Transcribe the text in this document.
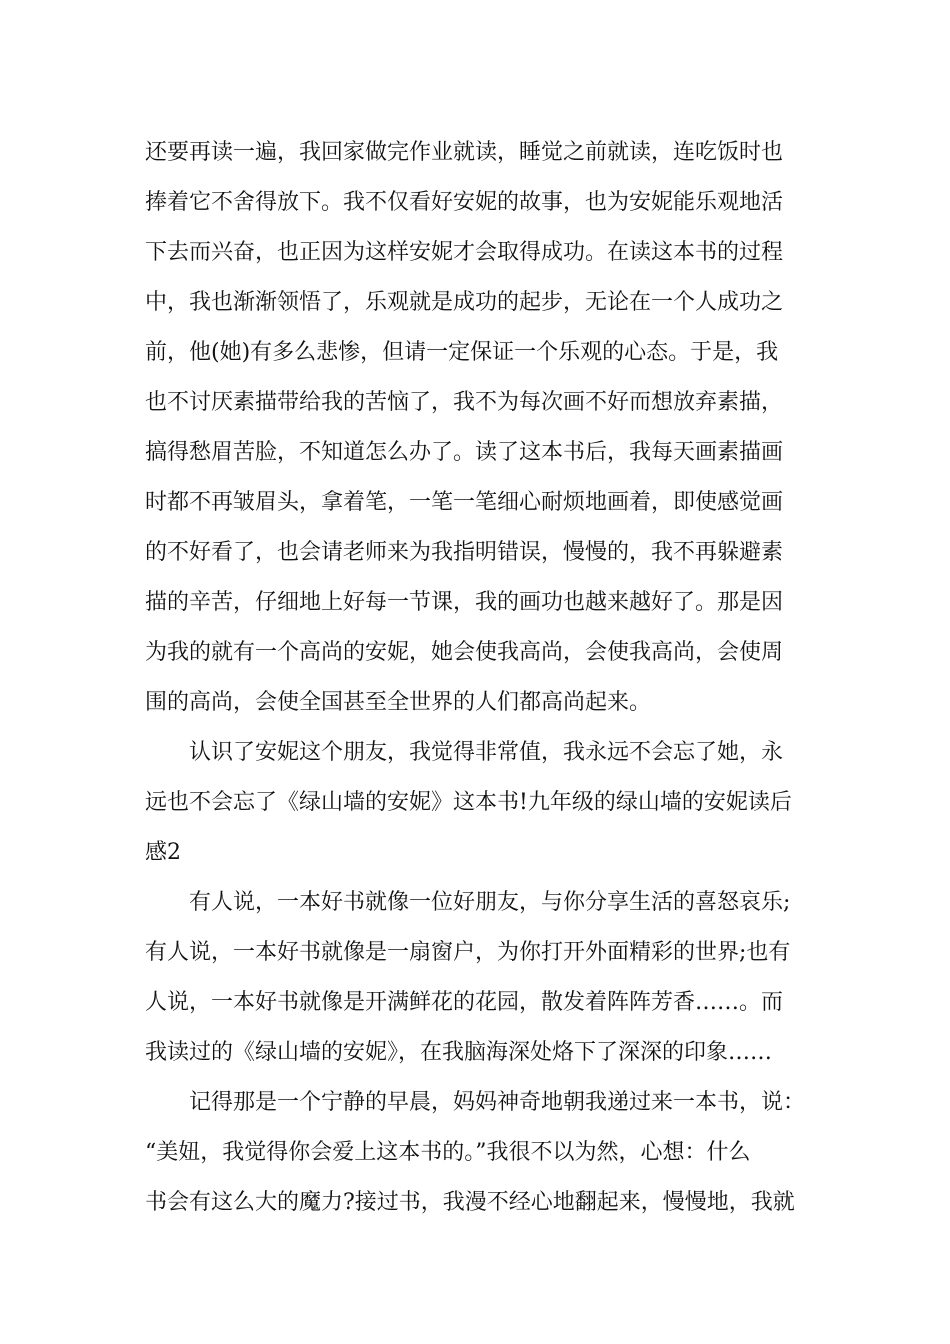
还要再读一遍，我回家做完作业就读，睡觉之前就读，连吃饭时也
捧着它不舍得放下。我不仅看好安妮的故事，也为安妮能乐观地活
下去而兴奋，也正因为这样安妮才会取得成功。在读这本书的过程
中，我也渐渐领悟了，乐观就是成功的起步，无论在一个人成功之
前，他(她)有多么悲惨，但请一定保证一个乐观的心态。于是，我
也不讨厌素描带给我的苦恼了，我不为每次画不好而想放弃素描，
搞得愁眉苦脸，不知道怎么办了。读了这本书后，我每天画素描画
时都不再皱眉头，拿着笔，一笔一笔细心耐烦地画着，即使感觉画
的不好看了，也会请老师来为我指明错误，慢慢的，我不再躲避素
描的辛苦，仔细地上好每一节课，我的画功也越来越好了。那是因
为我的就有一个高尚的安妮，她会使我高尚，会使我高尚，会使周
围的高尚，会使全国甚至全世界的人们都高尚起来。
认识了安妮这个朋友，我觉得非常值，我永远不会忘了她，永
远也不会忘了《绿山墙的安妮》这本书!九年级的绿山墙的安妮读后
感2
有人说，一本好书就像一位好朋友，与你分享生活的喜怒哀乐;
有人说，一本好书就像是一扇窗户，为你打开外面精彩的世界;也有
人说，一本好书就像是开满鲜花的花园，散发着阵阵芳香……。而
我读过的《绿山墙的安妮》，在我脑海深处烙下了深深的印象……
记得那是一个宁静的早晨，妈妈神奇地朝我递过来一本书，说：
“美妞，我觉得你会爱上这本书的。”我很不以为然，心想：什么
书会有这么大的魔力?接过书，我漫不经心地翻起来，慢慢地，我就
